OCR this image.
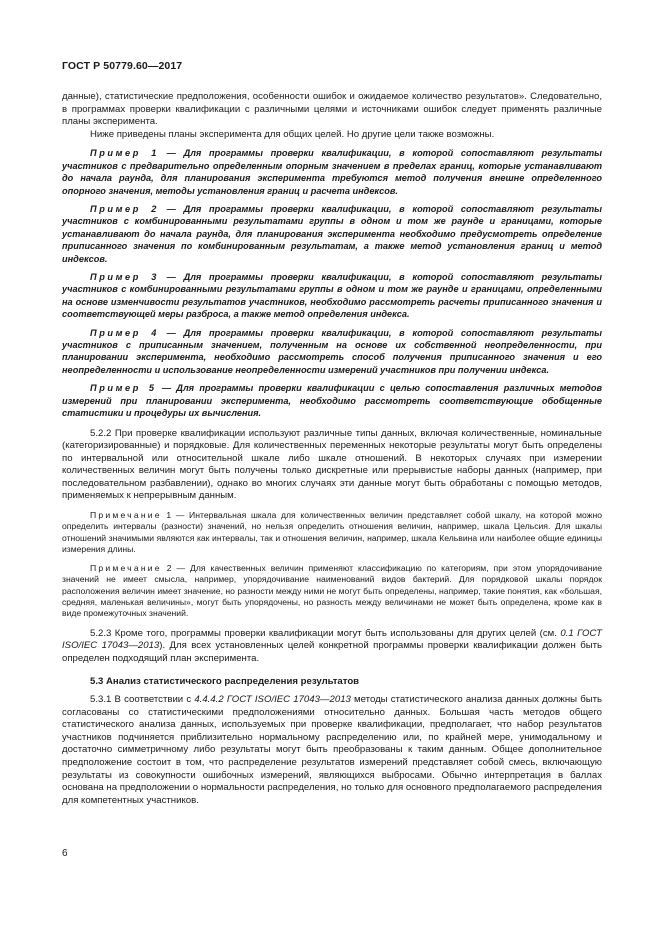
ГОСТ Р 50779.60—2017

данные), статистические предположения, особенности ошибок и ожидаемое количество результатов». Следовательно, в программах проверки квалификации с различными целями и источниками ошибок следует применять различные планы эксперимента.

Ниже приведены планы эксперимента для общих целей. Но другие цели также возможны.

Пример 1 — Для программы проверки квалификации, в которой сопоставляют результаты участников с предварительно определенным опорным значением в пределах границ, которые устанавливают до начала раунда, для планирования эксперимента требуются метод получения внешне определенного опорного значения, методы установления границ и расчета индексов.

Пример 2 — Для программы проверки квалификации, в которой сопоставляют результаты участников с комбинированными результатами группы в одном и том же раунде и границами, которые устанавливают до начала раунда, для планирования эксперимента необходимо предусмотреть определение приписанного значения по комбинированным результатам, а также метод установления границ и метод индексов.

Пример 3 — Для программы проверки квалификации, в которой сопоставляют результаты участников с комбинированными результатами группы в одном и том же раунде и границами, определенными на основе изменчивости результатов участников, необходимо рассмотреть расчеты приписанного значения и соответствующей меры разброса, а также метод определения индекса.

Пример 4 — Для программы проверки квалификации, в которой сопоставляют результаты участников с приписанным значением, полученным на основе их собственной неопределенности, при планировании эксперимента, необходимо рассмотреть способ получения приписанного значения и его неопределенности и использование неопределенности измерений участников при получении индекса.

Пример 5 — Для программы проверки квалификации с целью сопоставления различных методов измерений при планировании эксперимента, необходимо рассмотреть соответствующие обобщенные статистики и процедуры их вычисления.

5.2.2 При проверке квалификации используют различные типы данных, включая количественные, номинальные (категоризированные) и порядковые. Для количественных переменных некоторые результаты могут быть определены по интервальной или относительной шкале либо шкале отношений. В некоторых случаях при измерении количественных величин могут быть получены только дискретные или прерывистые наборы данных (например, при последовательном разбавлении), однако во многих случаях эти данные могут быть обработаны с помощью методов, применяемых к непрерывным данным.

Примечание 1 — Интервальная шкала для количественных величин представляет собой шкалу, на которой можно определить интервалы (разности) значений, но нельзя определить отношения величин, например, шкала Цельсия. Для шкалы отношений значимыми являются как интервалы, так и отношения величин, например, шкала Кельвина или наиболее общие единицы измерения длины.

Примечание 2 — Для качественных величин применяют классификацию по категориям, при этом упорядочивание значений не имеет смысла, например, упорядочивание наименований видов бактерий. Для порядковой шкалы порядок расположения величин имеет значение, но разности между ними не могут быть определены, например, такие понятия, как «большая, средняя, маленькая величины», могут быть упорядочены, но разность между величинами не может быть определена, кроме как в виде промежуточных значений.

5.2.3 Кроме того, программы проверки квалификации могут быть использованы для других целей (см. 0.1 ГОСТ ISO/IEC 17043—2013). Для всех установленных целей конкретной программы проверки квалификации должен быть определен подходящий план эксперимента.

5.3 Анализ статистического распределения результатов

5.3.1 В соответствии с 4.4.4.2 ГОСТ ISO/IEC 17043—2013 методы статистического анализа данных должны быть согласованы со статистическими предположениями относительно данных. Большая часть методов общего статистического анализа данных, используемых при проверке квалификации, предполагает, что набор результатов участников подчиняется приблизительно нормальному распределению или, по крайней мере, унимодальному и достаточно симметричному либо результаты могут быть преобразованы к таким данным. Общее дополнительное предположение состоит в том, что распределение результатов измерений представляет собой смесь, включающую результаты из совокупности ошибочных измерений, являющихся выбросами. Обычно интерпретация в баллах основана на предположении о нормальности распределения, но только для основного предполагаемого распределения для компетентных участников.

6
